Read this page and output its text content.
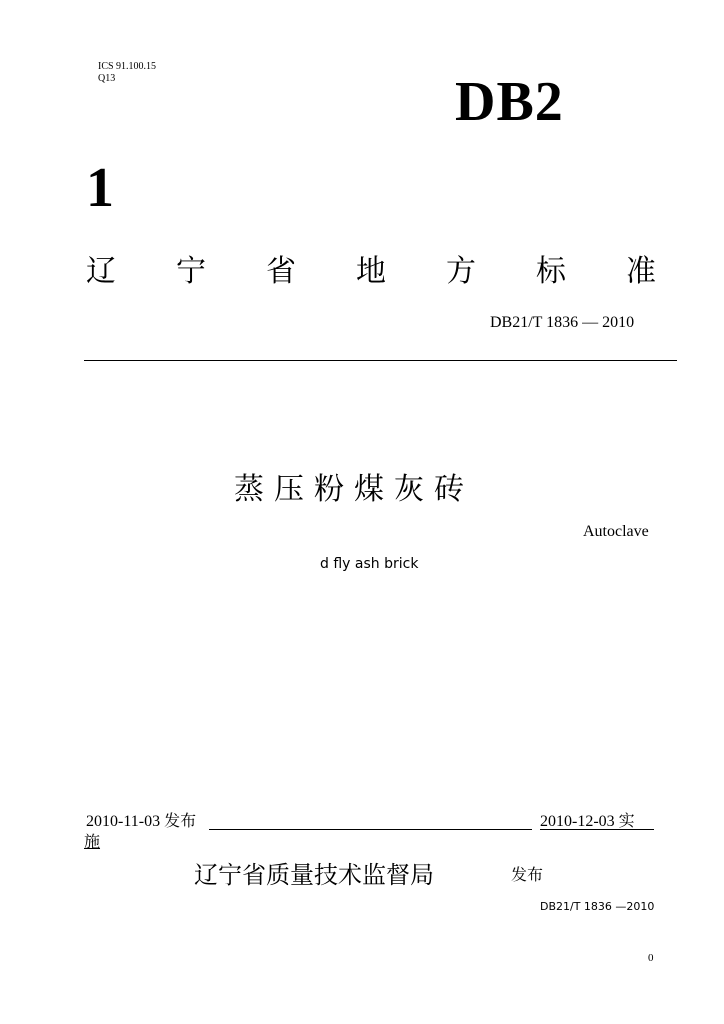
ICS 91.100.15
Q13	DB2
1
辽 宁 省 地 方 标 准
DB21/T 1836 — 2010
蒸压粉煤灰砖
Autoclave
d fly ash brick
2010-11-03 发布	2010-12-03 实
施
辽宁省质量技术监督局	发布
DB21/T 1836 —2010
0
